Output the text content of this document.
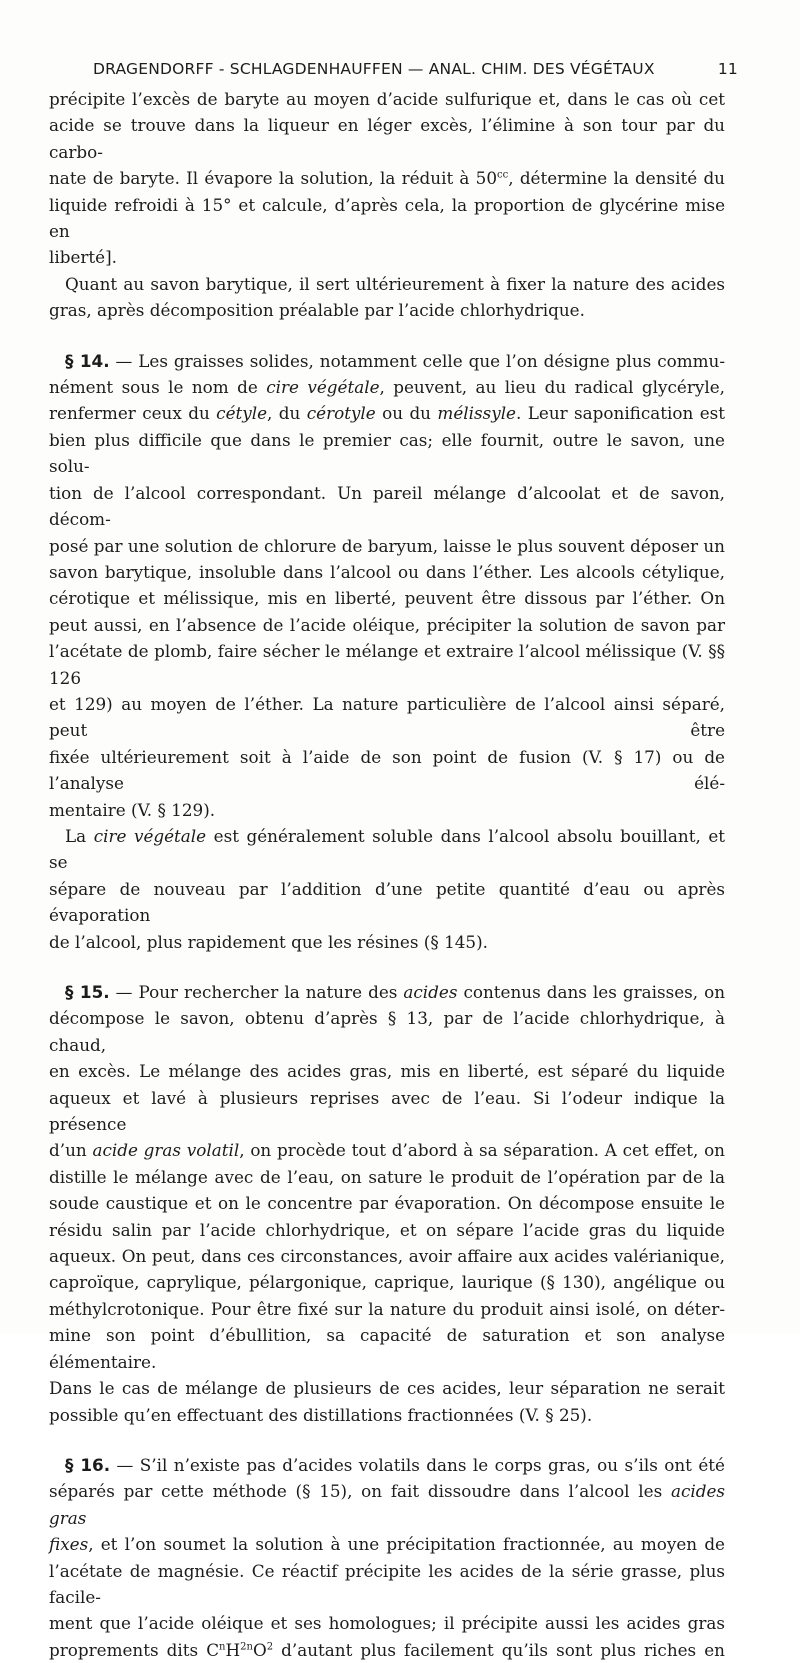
DRAGENDORFF - SCHLAGDENHAUFFEN — ANAL. CHIM. DES VÉGÉTAUX	11

précipite l’excès de baryte au moyen d’acide sulfurique et, dans le cas où cet

acide se trouve dans la liqueur en léger excès, l’élimine à son tour par du carbo-

nate de baryte. Il évapore la solution, la réduit à $50^{cc}$, détermine la densité du

liquide refroidi à 15° et calcule, d’après cela, la proportion de glycérine mise en

liberté].

Quant au savon barytique, il sert ultérieurement à fixer la nature des acides

gras, après décomposition préalable par l’acide chlorhydrique.

§ 14. — Les graisses solides, notamment celle que l’on désigne plus commu-

nément sous le nom de cire végétale, peuvent, au lieu du radical glycéryle,

renfermer ceux du cétyle, du cérotyle ou du mélissyle. Leur saponification est

bien plus difficile que dans le premier cas; elle fournit, outre le savon, une solu-

tion de l’alcool correspondant. Un pareil mélange d’alcoolat et de savon, décom-

posé par une solution de chlorure de baryum, laisse le plus souvent déposer un

savon barytique, insoluble dans l’alcool ou dans l’éther. Les alcools cétylique,

cérotique et mélissique, mis en liberté, peuvent être dissous par l’éther. On

peut aussi, en l’absence de l’acide oléique, précipiter la solution de savon par

l’acétate de plomb, faire sécher le mélange et extraire l’alcool mélissique (V. §§ 126

et 129) au moyen de l’éther. La nature particulière de l’alcool ainsi séparé, peut être

fixée ultérieurement soit à l’aide de son point de fusion (V. § 17) ou de l’analyse élé-

mentaire (V. § 129).

La cire végétale est généralement soluble dans l’alcool absolu bouillant, et se

sépare de nouveau par l’addition d’une petite quantité d’eau ou après évaporation

de l’alcool, plus rapidement que les résines (§ 145).

§ 15. — Pour rechercher la nature des acides contenus dans les graisses, on

décompose le savon, obtenu d’après § 13, par de l’acide chlorhydrique, à chaud,

en excès. Le mélange des acides gras, mis en liberté, est séparé du liquide

aqueux et lavé à plusieurs reprises avec de l’eau. Si l’odeur indique la présence

d’un acide gras volatil, on procède tout d’abord à sa séparation. A cet effet, on

distille le mélange avec de l’eau, on sature le produit de l’opération par de la

soude caustique et on le concentre par évaporation. On décompose ensuite le

résidu salin par l’acide chlorhydrique, et on sépare l’acide gras du liquide

aqueux. On peut, dans ces circonstances, avoir affaire aux acides valérianique,

caproïque, caprylique, pélargonique, caprique, laurique (§ 130), angélique ou

méthylcrotonique. Pour être fixé sur la nature du produit ainsi isolé, on déter-

mine son point d’ébullition, sa capacité de saturation et son analyse élémentaire.

Dans le cas de mélange de plusieurs de ces acides, leur séparation ne serait

possible qu’en effectuant des distillations fractionnées (V. § 25).

§ 16. — S’il n’existe pas d’acides volatils dans le corps gras, ou s’ils ont été

séparés par cette méthode (§ 15), on fait dissoudre dans l’alcool les acides gras

fixes, et l’on soumet la solution à une précipitation fractionnée, au moyen de

l’acétate de magnésie. Ce réactif précipite les acides de la série grasse, plus facile-

ment que l’acide oléique et ses homologues; il précipite aussi les acides gras

proprements dits $C^nH^{2n}O^2$ d’autant plus facilement qu’ils sont plus riches en
